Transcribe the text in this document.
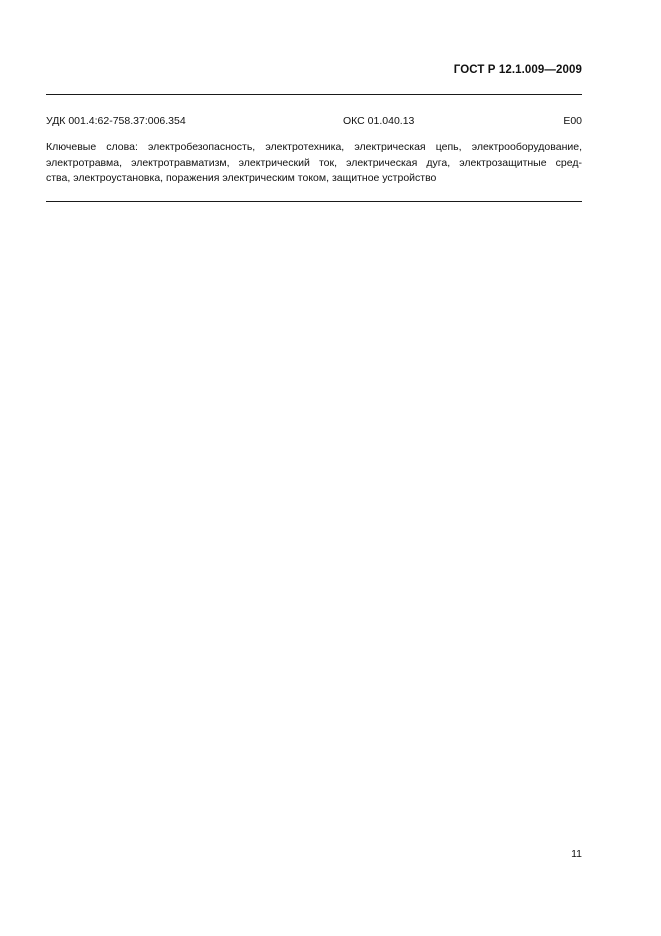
ГОСТ Р 12.1.009—2009
УДК 001.4:62-758.37:006.354	ОКС 01.040.13	Е00
Ключевые слова: электробезопасность, электротехника, электрическая цепь, электрооборудование,
электротравма, электротравматизм, электрический ток, электрическая дуга, электрозащитные сред-
ства, электроустановка, поражения электрическим током, защитное устройство
11
